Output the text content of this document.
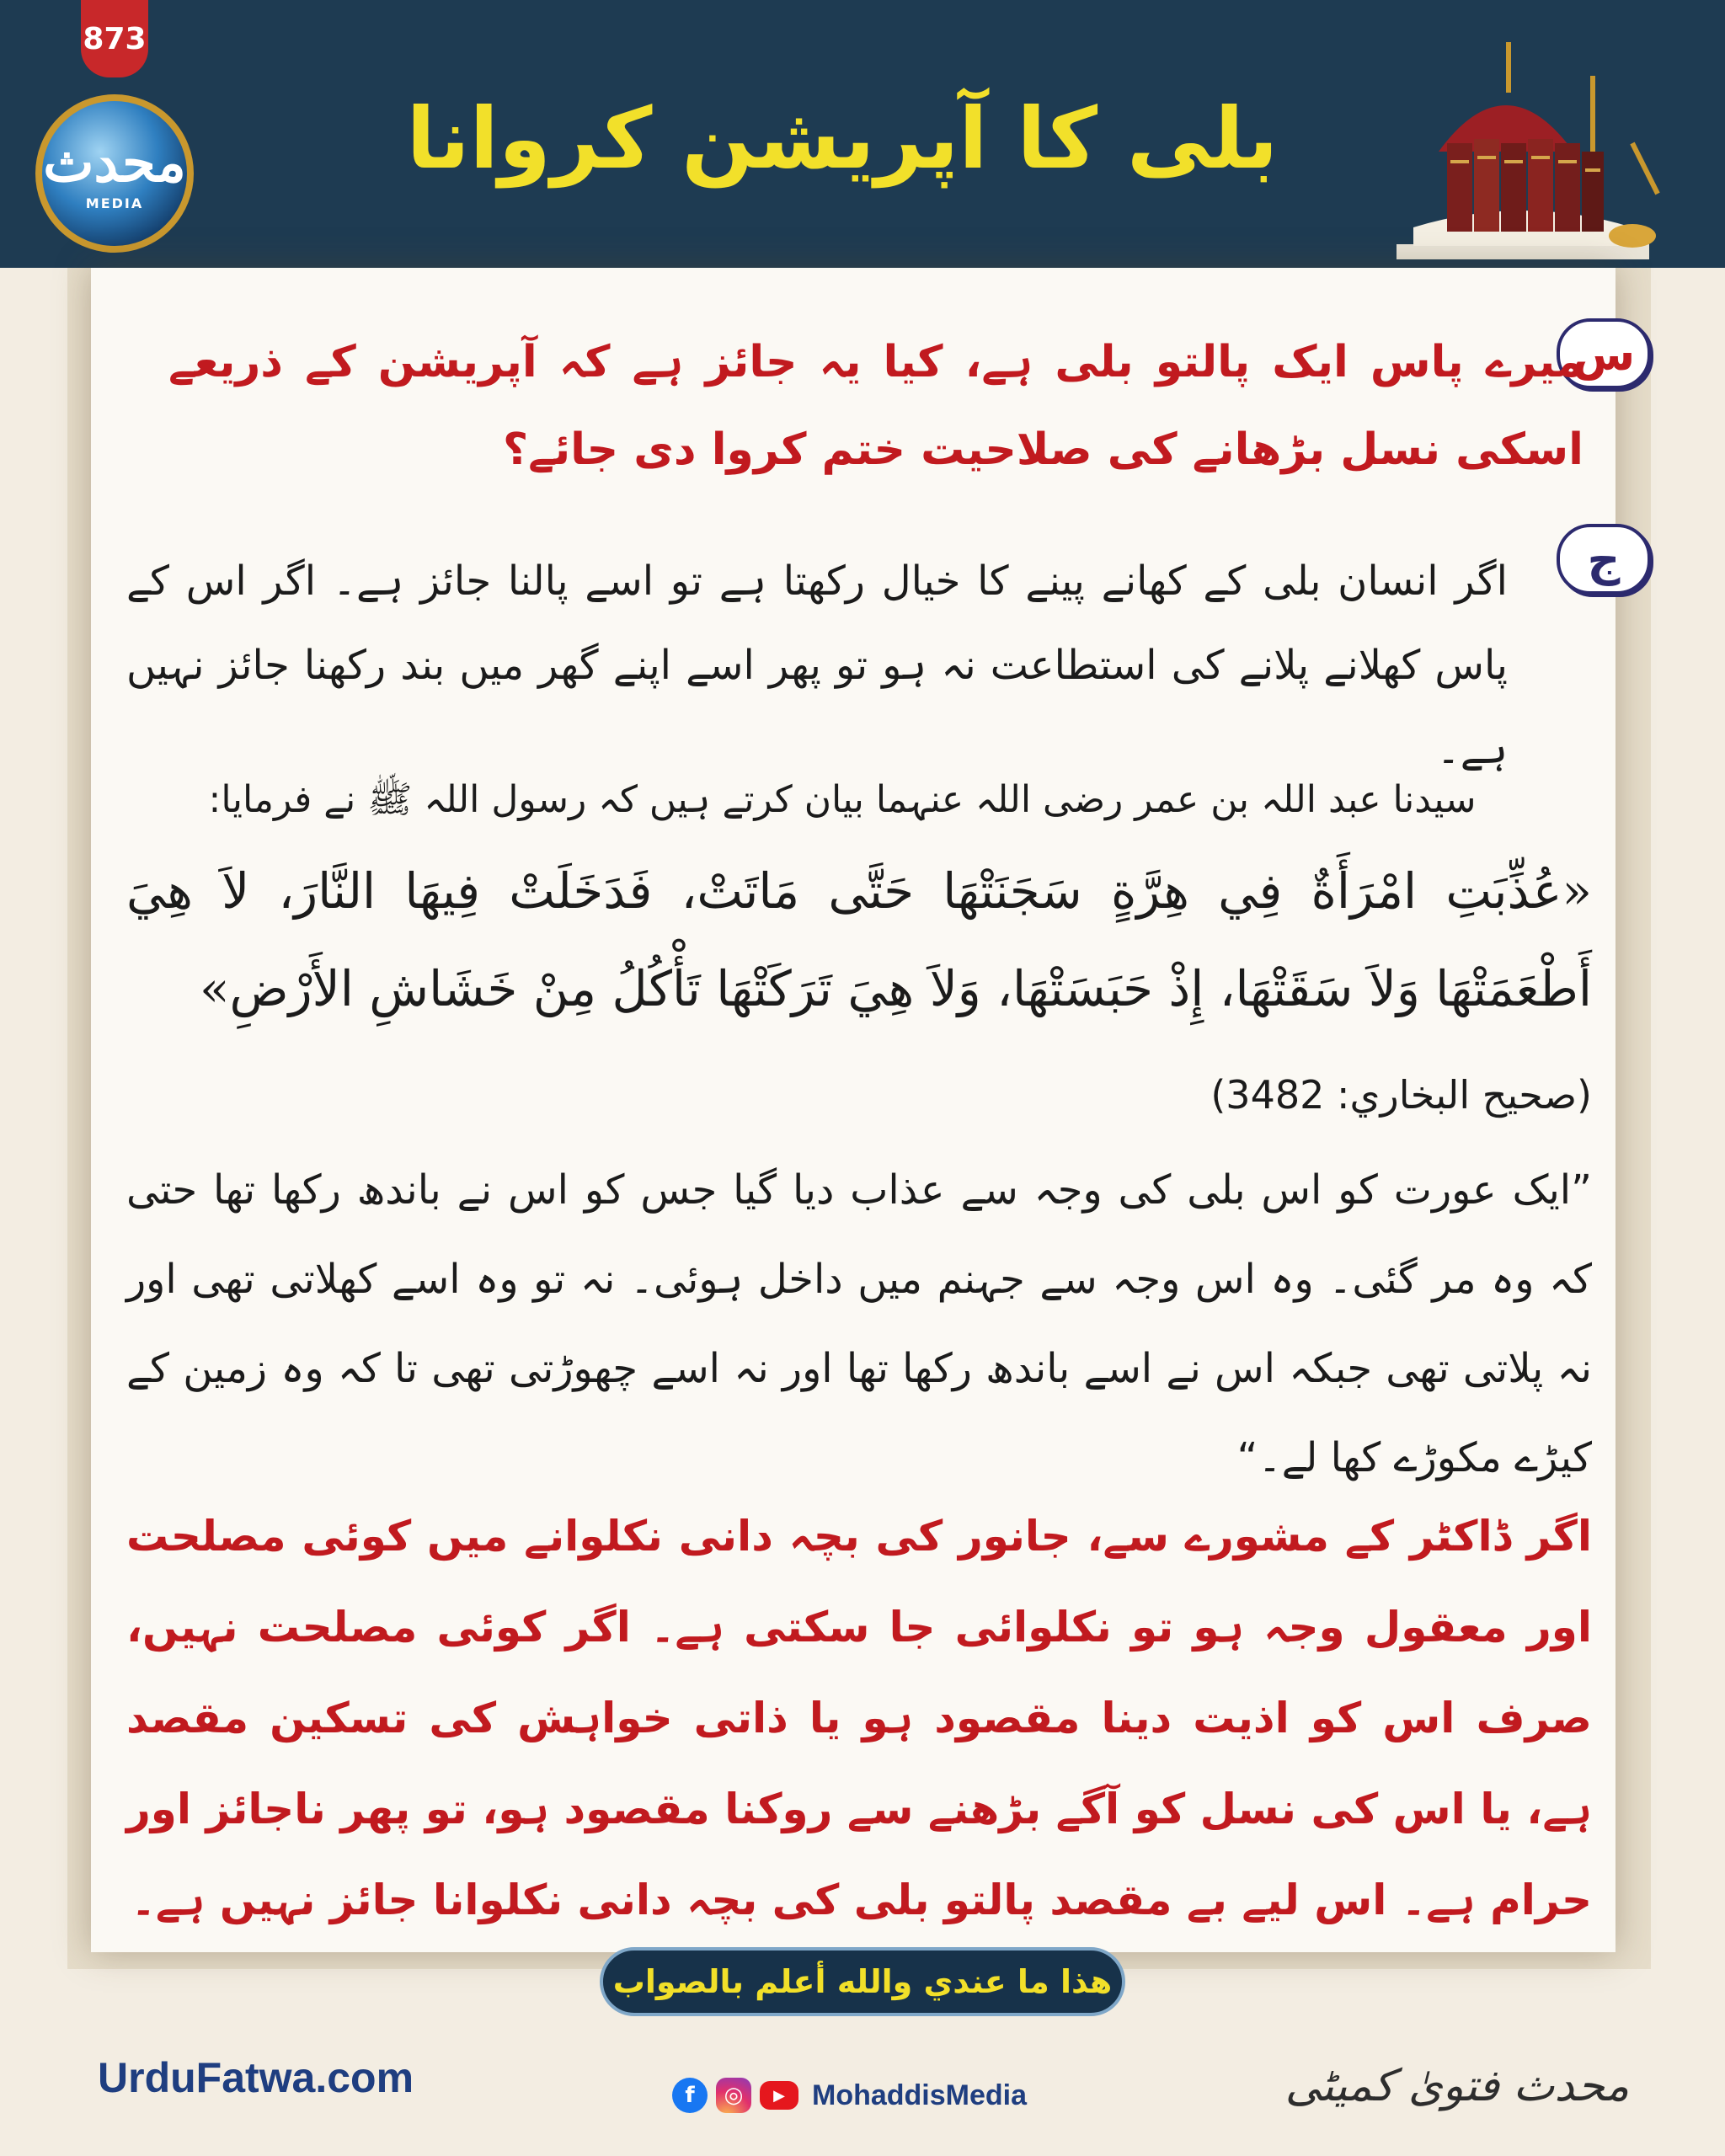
873
محدث
MEDIA
بلی کا آپریشن کروانا
س
میرے پاس ایک پالتو بلی ہے، کیا یہ جائز ہے کہ آپریشن کے ذریعے اسکی نسل بڑھانے کی صلاحیت ختم کروا دی جائے؟
ج
اگر انسان بلی کے کھانے پینے کا خیال رکھتا ہے تو اسے پالنا جائز ہے۔ اگر اس کے پاس کھلانے پلانے کی استطاعت نہ ہو تو پھر اسے اپنے گھر میں بند رکھنا جائز نہیں ہے۔
سیدنا عبد اللہ بن عمر رضی اللہ عنہما بیان کرتے ہیں کہ رسول اللہ ﷺ نے فرمایا:
«عُذِّبَتِ امْرَأَةٌ فِي هِرَّةٍ سَجَنَتْهَا حَتَّى مَاتَتْ، فَدَخَلَتْ فِيهَا النَّارَ، لاَ هِيَ أَطْعَمَتْهَا وَلاَ سَقَتْهَا، إِذْ حَبَسَتْهَا، وَلاَ هِيَ تَرَكَتْهَا تَأْكُلُ مِنْ خَشَاشِ الأَرْضِ»
(صحيح البخاري: 3482)
”ایک عورت کو اس بلی کی وجہ سے عذاب دیا گیا جس کو اس نے باندھ رکھا تھا حتی کہ وہ مر گئی۔ وہ اس وجہ سے جہنم میں داخل ہوئی۔ نہ تو وہ اسے کھلاتی تھی اور نہ پلاتی تھی جبکہ اس نے اسے باندھ رکھا تھا اور نہ اسے چھوڑتی تھی تا کہ وہ زمین کے کیڑے مکوڑے کھا لے۔“
اگر ڈاکٹر کے مشورے سے، جانور کی بچہ دانی نکلوانے میں کوئی مصلحت اور معقول وجہ ہو تو نکلوائی جا سکتی ہے۔ اگر کوئی مصلحت نہیں، صرف اس کو اذیت دینا مقصود ہو یا ذاتی خواہش کی تسکین مقصد ہے، یا اس کی نسل کو آگے بڑھنے سے روکنا مقصود ہو، تو پھر ناجائز اور حرام ہے۔ اس لیے بے مقصد پالتو بلی کی بچہ دانی نکلوانا جائز نہیں ہے۔
هذا ما عندي والله أعلم بالصواب
UrduFatwa.com	f	◎	▶ MohaddisMedia	محدث فتویٰ کمیٹی
